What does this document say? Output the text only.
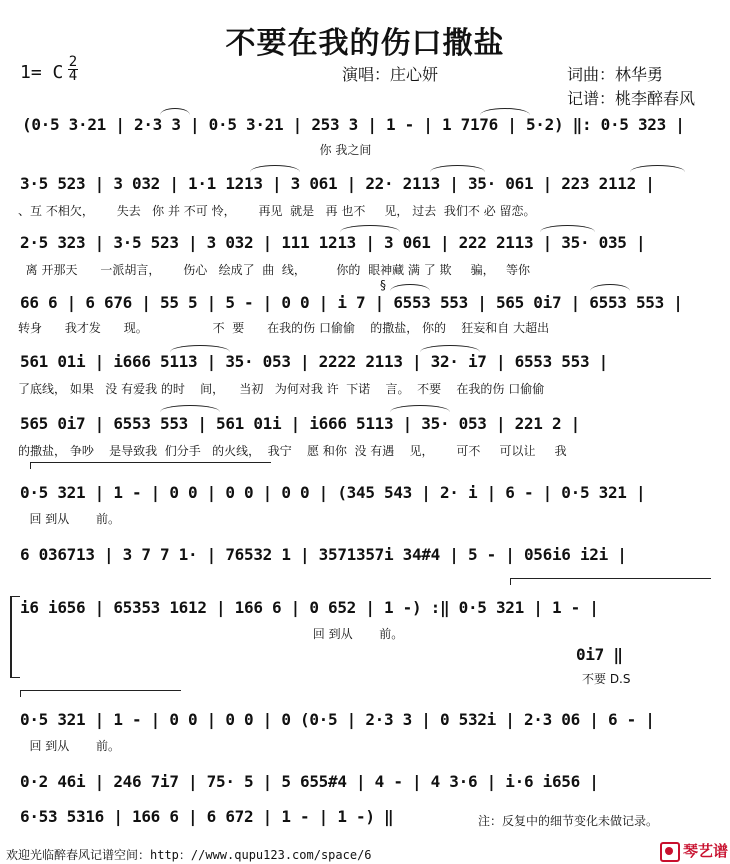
不要在我的伤口撒盐
1= C 2
4	演唱：庄心妍	词曲：林华勇
记谱：桃李醉春风
(0·5 3·21 | 2·3 3 | 0·5 3·21 | 253 3 | 1 - | 1 7176 | 5·2) ‖: 0·5 323 |
你 我之间
3·5 523 | 3 032 | 1·1 1213 | 3 061 | 22· 2113 | 35· 061 | 223 2112 |
、互 不相欠，      失去   你 并 不可 怜，      再见  就是   再 也不     见， 过去  我们不 必 留恋。
2·5 323 | 3·5 523 | 3 032 | 111 1213 | 3 061 | 222 2113 | 35· 035 |
离 开那天      一派胡言，      伤心   绘成了  曲  线，        你的  眼神藏 满 了 欺     骗，   等你
66 6 | 6 676 | 55 5 | 5 - | 0 0 | i 7 | 6553 553 | 565 0i7 | 6553 553 |
转身      我才发      现。                 不  要      在我的伤 口偷偷    的撒盐， 你的    狂妄和自 大超出
561 01i | i666 5113 | 35· 053 | 2222 2113 | 32· i7 | 6553 553 |
了底线， 如果   没 有爱我 的时    间，    当初   为何对我 许  下诺    言。  不要    在我的伤 口偷偷
565 0i7 | 6553 553 | 561 01i | i666 5113 | 35· 053 | 221 2 |
的撒盐， 争吵    是导致我  们分手   的火线，  我宁    愿 和你  没 有遇    见，      可不     可以让     我
0·5 321 | 1 - | 0 0 | 0 0 | 0 0 | (345 543 | 2· i | 6 - | 0·5 321 |
回 到从       前。
6 036713 | 3 7 7 1· | 76532 1 | 3571357i 34#4 | 5 - | 056i6 i2i |
i6 i656 | 65353 1612 | 166 6 | 0 652 | 1 -) :‖ 0·5 321 | 1 - |
回 到从       前。
0i7 ‖
不要 D.S
0·5 321 | 1 - | 0 0 | 0 0 | 0 (0·5 | 2·3 3 | 0 532i | 2·3 06 | 6 - |
回 到从       前。
0·2 46i | 246 7i7 | 75· 5 | 5 655#4 | 4 - | 4 3·6 | i·6 i656 |
6·53 5316 | 166 6 | 6 672 | 1 - | 1 -) ‖
§
注：反复中的细节变化未做记录。
欢迎光临醉春风记谱空间：http：//www.qupu123.com/space/6	琴艺谱
